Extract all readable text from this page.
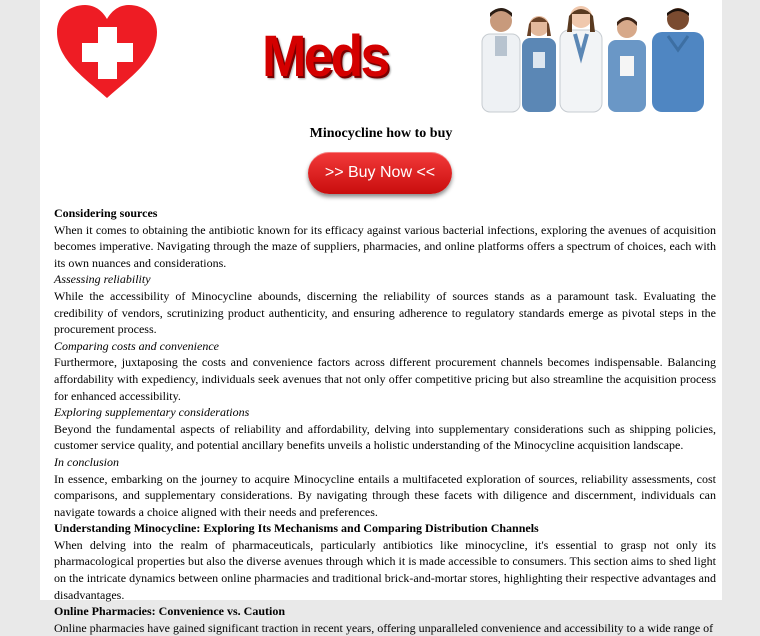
Meds
Minocycline how to buy
>> Buy Now <<
Considering sources

When it comes to obtaining the antibiotic known for its efficacy against various bacterial infections, exploring the avenues of acquisition becomes imperative. Navigating through the maze of suppliers, pharmacies, and online platforms offers a spectrum of choices, each with its own nuances and considerations.

Assessing reliability

While the accessibility of Minocycline abounds, discerning the reliability of sources stands as a paramount task. Evaluating the credibility of vendors, scrutinizing product authenticity, and ensuring adherence to regulatory standards emerge as pivotal steps in the procurement process.

Comparing costs and convenience

Furthermore, juxtaposing the costs and convenience factors across different procurement channels becomes indispensable. Balancing affordability with expediency, individuals seek avenues that not only offer competitive pricing but also streamline the acquisition process for enhanced accessibility.

Exploring supplementary considerations

Beyond the fundamental aspects of reliability and affordability, delving into supplementary considerations such as shipping policies, customer service quality, and potential ancillary benefits unveils a holistic understanding of the Minocycline acquisition landscape.

In conclusion

In essence, embarking on the journey to acquire Minocycline entails a multifaceted exploration of sources, reliability assessments, cost comparisons, and supplementary considerations. By navigating through these facets with diligence and discernment, individuals can navigate towards a choice aligned with their needs and preferences.

Understanding Minocycline: Exploring Its Mechanisms and Comparing Distribution Channels

When delving into the realm of pharmaceuticals, particularly antibiotics like minocycline, it's essential to grasp not only its pharmacological properties but also the diverse avenues through which it is made accessible to consumers. This section aims to shed light on the intricate dynamics between online pharmacies and traditional brick-and-mortar stores, highlighting their respective advantages and disadvantages.

Online Pharmacies: Convenience vs. Caution

Online pharmacies have gained significant traction in recent years, offering unparalleled convenience and accessibility to a wide range of
